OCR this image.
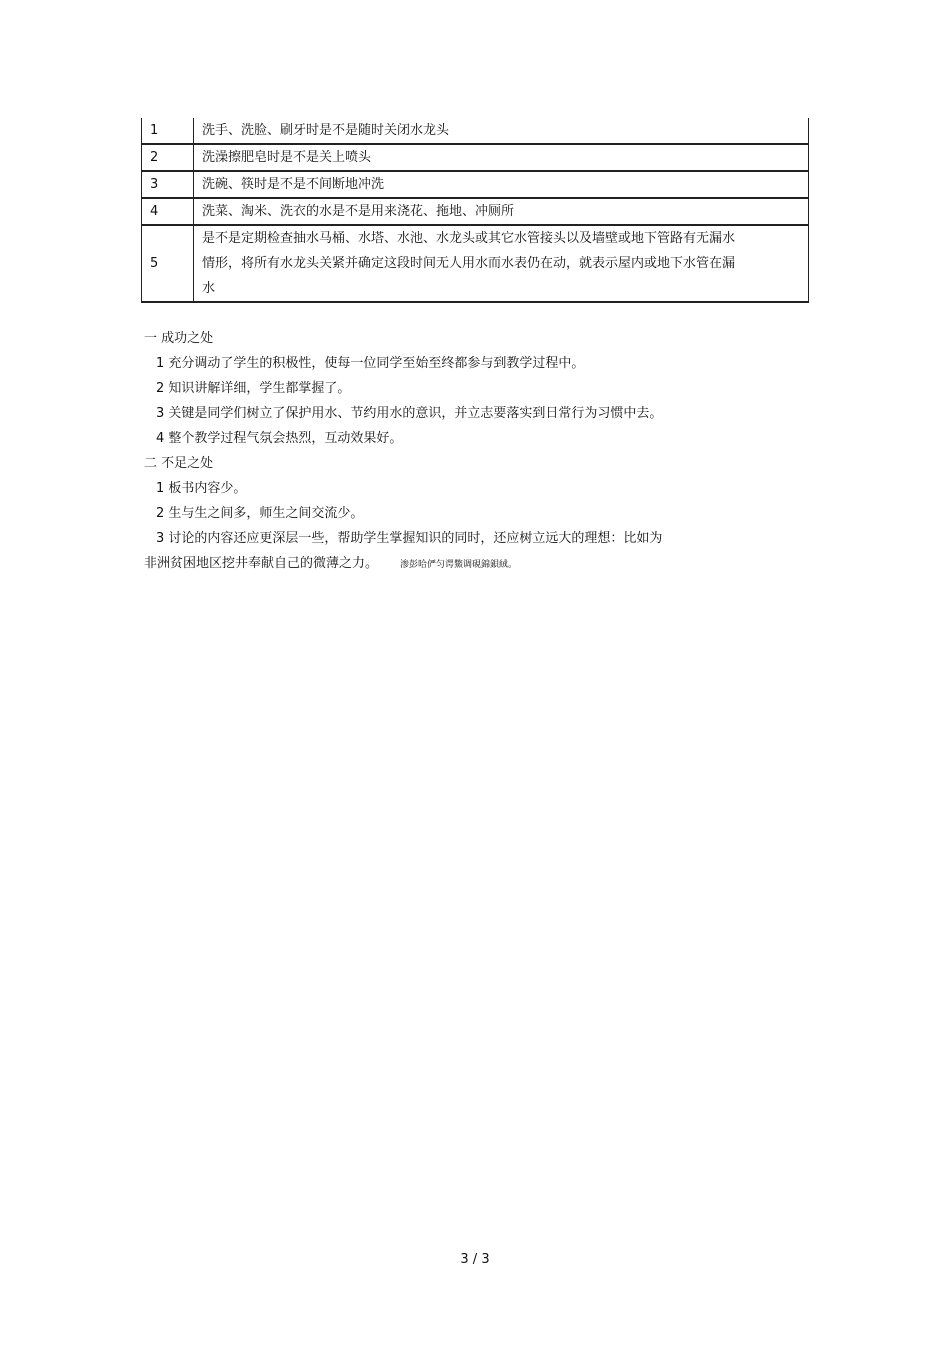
1	洗手、洗脸、刷牙时是不是随时关闭水龙头
2	洗澡擦肥皂时是不是关上喷头
3	洗碗、筷时是不是不间断地冲洗
4	洗菜、淘米、洗衣的水是不是用来浇花、拖地、冲厕所
5	是不是定期检查抽水马桶、水塔、水池、水龙头或其它水管接头以及墙壁或地下管路有无漏水情形，将所有水龙头关紧并确定这段时间无人用水而水表仍在动，就表示屋内或地下水管在漏水

一 成功之处

1 充分调动了学生的积极性，使每一位同学至始至终都参与到教学过程中。

2 知识讲解详细，学生都掌握了。

3 关键是同学们树立了保护用水、节约用水的意识，并立志要落实到日常行为习惯中去。

4 整个教学过程气氛会热烈，互动效果好。

二 不足之处

1 板书内容少。

2 生与生之间多，师生之间交流少。

3 讨论的内容还应更深层一些，帮助学生掌握知识的同时，还应树立远大的理想：比如为
非洲贫困地区挖井奉献自己的微薄之力。 渗彭哈俨匀谔鱉调硯錦鋇絨。

3 / 3
